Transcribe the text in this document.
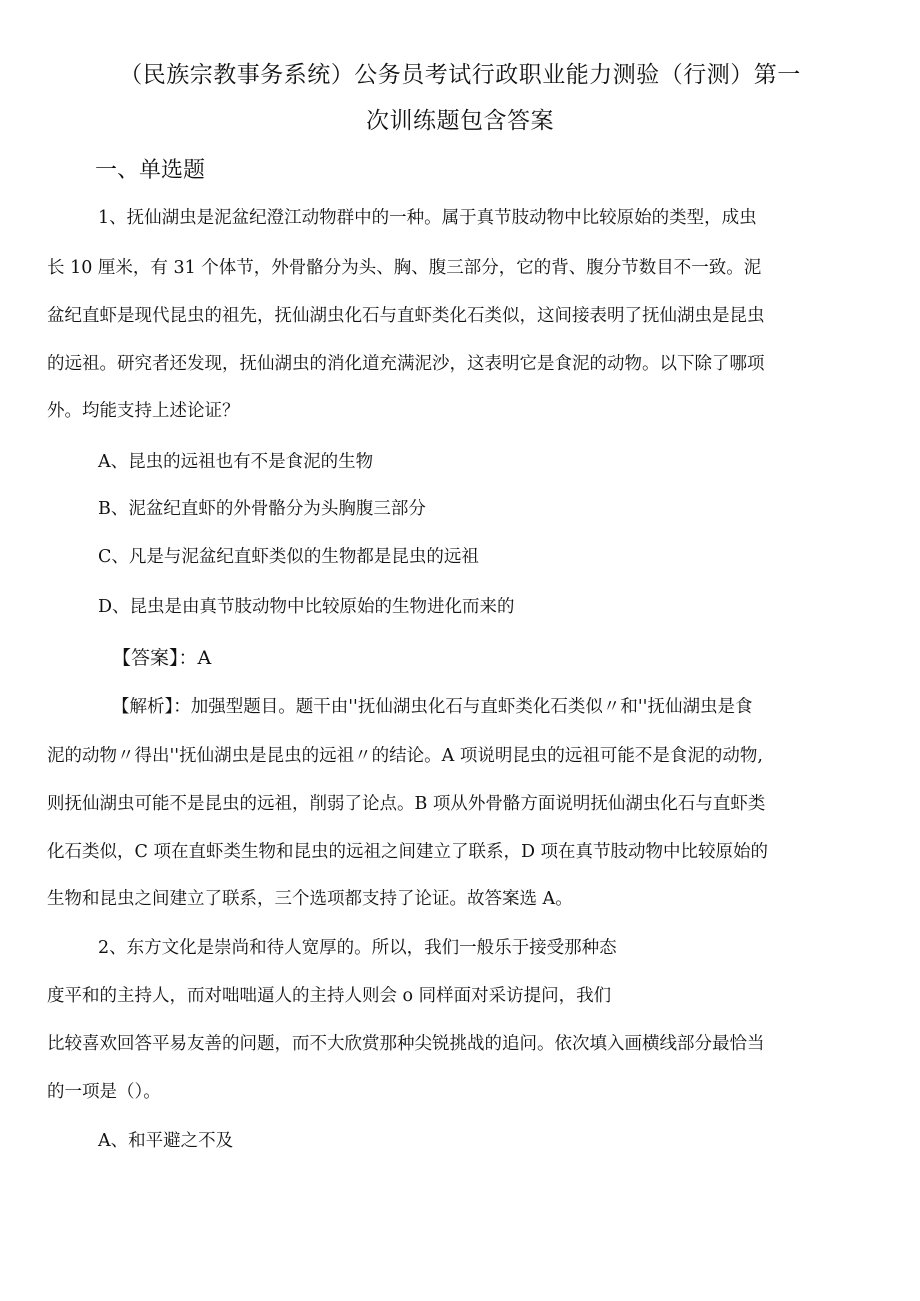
（民族宗教事务系统）公务员考试行政职业能力测验（行测）第一
次训练题包含答案
一、单选题

1、抚仙湖虫是泥盆纪澄江动物群中的一种。属于真节肢动物中比较原始的类型，成虫

长 10 厘米，有 31 个体节，外骨骼分为头、胸、腹三部分，它的背、腹分节数目不一致。泥

盆纪直虾是现代昆虫的祖先，抚仙湖虫化石与直虾类化石类似，这间接表明了抚仙湖虫是昆虫

的远祖。研究者还发现，抚仙湖虫的消化道充满泥沙，这表明它是食泥的动物。以下除了哪项

外。均能支持上述论证？

A、昆虫的远祖也有不是食泥的生物

B、泥盆纪直虾的外骨骼分为头胸腹三部分

C、凡是与泥盆纪直虾类似的生物都是昆虫的远祖

D、昆虫是由真节肢动物中比较原始的生物进化而来的

【答案】：A

【解析】：加强型题目。题干由''抚仙湖虫化石与直虾类化石类似〃和''抚仙湖虫是食

泥的动物〃得出''抚仙湖虫是昆虫的远祖〃的结论。A 项说明昆虫的远祖可能不是食泥的动物,

则抚仙湖虫可能不是昆虫的远祖，削弱了论点。B 项从外骨骼方面说明抚仙湖虫化石与直虾类

化石类似，C 项在直虾类生物和昆虫的远祖之间建立了联系，D 项在真节肢动物中比较原始的

生物和昆虫之间建立了联系，三个选项都支持了论证。故答案选 A。

2、东方文化是崇尚和待人宽厚的。所以，我们一般乐于接受那种态

度平和的主持人，而对咄咄逼人的主持人则会 o 同样面对采访提问，我们

比较喜欢回答平易友善的问题，而不大欣赏那种尖锐挑战的追问。依次填入画横线部分最恰当

的一项是（）。

A、和平避之不及
